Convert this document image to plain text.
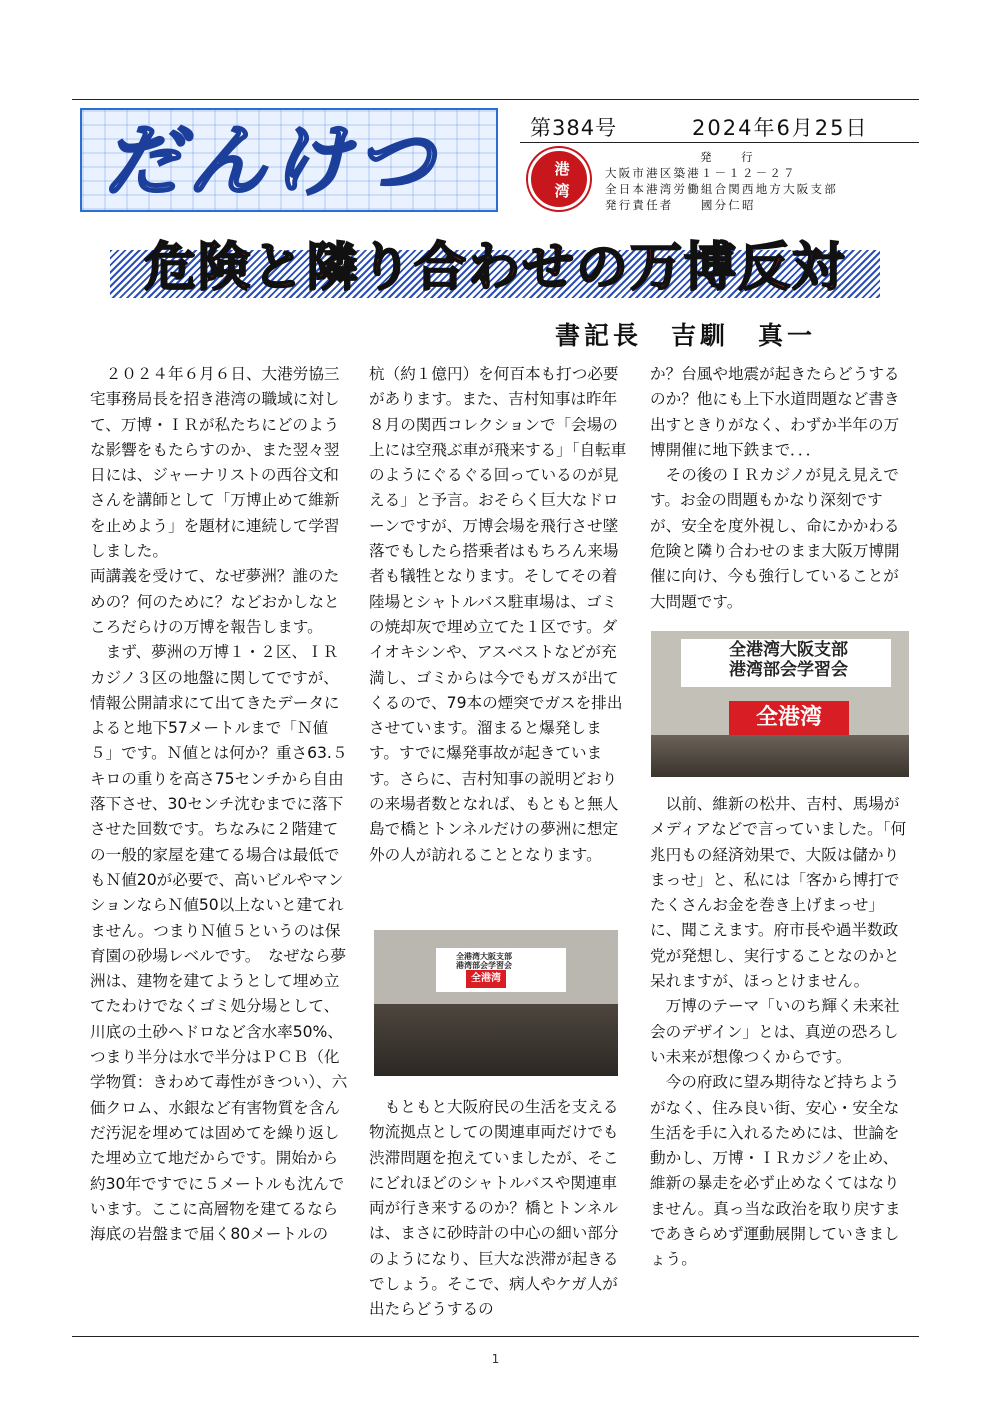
だんけつ	第384号	2024年6月25日
港
湾
発　　行
大阪市港区築港１－１２－２７
全日本港湾労働組合関西地方大阪支部
発行責任者　　國分仁昭
危険と隣り合わせの万博反対
書記長　吉馴　真一

　２０２４年６月６日、大港労協三宅事務局長を招き港湾の職域に対して、万博・ＩＲが私たちにどのような影響をもたらすのか、また翌々翌日には、ジャーナリストの西谷文和さんを講師として「万博止めて維新を止めよう」を題材に連続して学習しました。

両講義を受けて、なぜ夢洲？誰のための？何のために？などおかしなところだらけの万博を報告します。

　まず、夢洲の万博１・２区、ＩＲカジノ３区の地盤に関してですが、情報公開請求にて出てきたデータによると地下57メートルまで「Ｎ値５」です。Ｎ値とは何か？重さ63.５キロの重りを高さ75センチから自由落下させ、30センチ沈むまでに落下させた回数です。ちなみに２階建ての一般的家屋を建てる場合は最低でもＮ値20が必要で、高いビルやマンションならＮ値50以上ないと建てれません。つまりＮ値５というのは保育園の砂場レベルです。　なぜなら夢洲は、建物を建てようとして埋め立てたわけでなくゴミ処分場として、川底の土砂ヘドロなど含水率50%、つまり半分は水で半分はＰＣＢ（化学物質：きわめて毒性がきつい）、六価クロム、水銀など有害物質を含んだ汚泥を埋めては固めてを繰り返した埋め立て地だからです。開始から約30年ですでに５メートルも沈んでいます。ここに高層物を建てるなら海底の岩盤まで届く80メートルの

杭（約１億円）を何百本も打つ必要があります。また、吉村知事は昨年８月の関西コレクションで「会場の上には空飛ぶ車が飛来する」「自転車のようにぐるぐる回っているのが見える」と予言。おそらく巨大なドローンですが、万博会場を飛行させ墜落でもしたら搭乗者はもちろん来場者も犠牲となります。そしてその着陸場とシャトルバス駐車場は、ゴミの焼却灰で埋め立てた１区です。ダイオキシンや、アスベストなどが充満し、ゴミからは今でもガスが出てくるので、79本の煙突でガスを排出させています。溜まると爆発します。すでに爆発事故が起きています。さらに、吉村知事の説明どおりの来場者数となれば、もともと無人島で橋とトンネルだけの夢洲に想定外の人が訪れることとなります。

全港湾大阪支部
港湾部会学習会
全港湾

　もともと大阪府民の生活を支える物流拠点としての関連車両だけでも渋滞問題を抱えていましたが、そこにどれほどのシャトルバスや関連車両が行き来するのか？橋とトンネルは、まさに砂時計の中心の細い部分のようになり、巨大な渋滞が起きるでしょう。そこで、病人やケガ人が出たらどうするの

か？台風や地震が起きたらどうするのか？他にも上下水道問題など書き出すときりがなく、わずか半年の万博開催に地下鉄まで．．．

　その後のＩＲカジノが見え見えです。お金の問題もかなり深刻ですが、安全を度外視し、命にかかわる危険と隣り合わせのまま大阪万博開催に向け、今も強行していることが大問題です。

全港湾大阪支部
港湾部会学習会
全港湾

　以前、維新の松井、吉村、馬場がメディアなどで言っていました。「何兆円もの経済効果で、大阪は儲かりまっせ」と、私には「客から博打でたくさんお金を巻き上げまっせ」に、聞こえます。府市長や過半数政党が発想し、実行することなのかと呆れますが、ほっとけません。

　万博のテーマ「いのち輝く未来社会のデザイン」とは、真逆の恐ろしい未来が想像つくからです。

　今の府政に望み期待など持ちようがなく、住み良い街、安心・安全な生活を手に入れるためには、世論を動かし、万博・ＩＲカジノを止め、維新の暴走を必ず止めなくてはなりません。真っ当な政治を取り戻すまであきらめず運動展開していきましょう。

1
